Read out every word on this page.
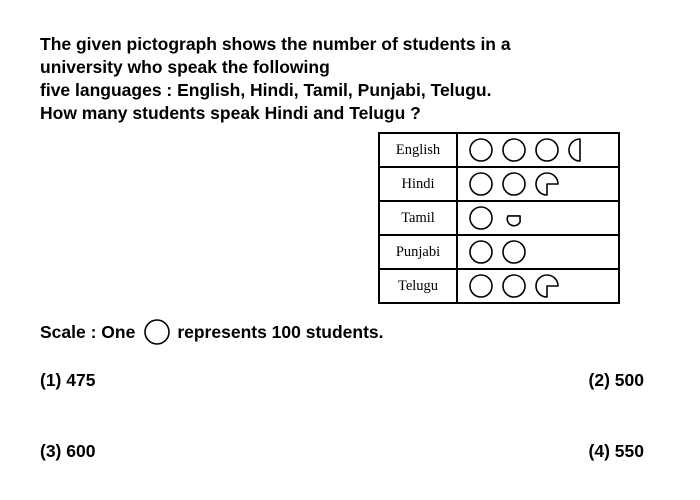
The given pictograph shows the number of students in a
university who speak the following
five languages : English, Hindi, Tamil, Punjabi, Telugu.
How many students speak Hindi and Telugu ?
English	

Hindi	

Tamil	

Punjabi	

Telugu	
Scale : One represents 100 students.
(1) 475	(2) 500
(3) 600	(4) 550
